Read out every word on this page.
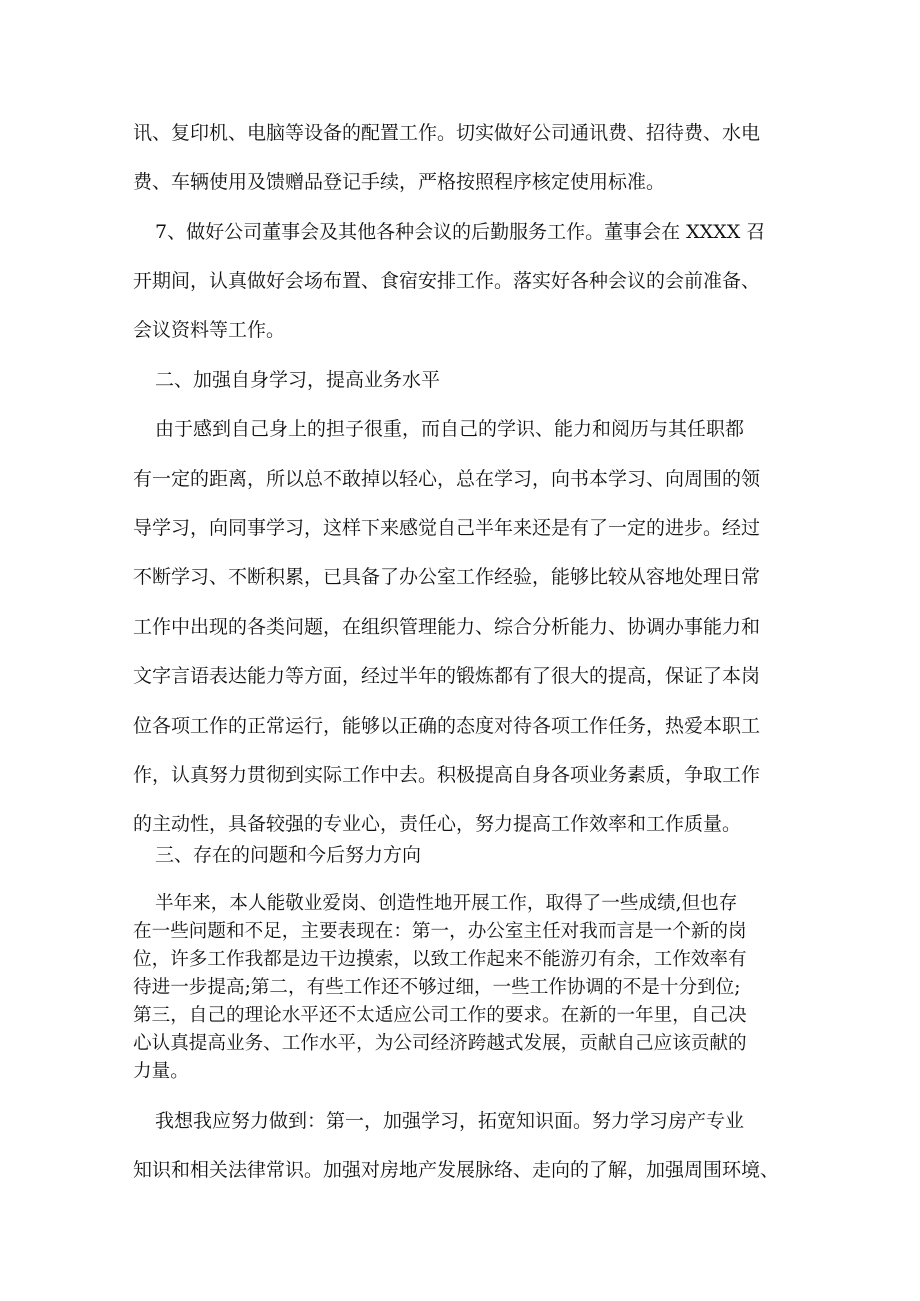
讯、复印机、电脑等设备的配置工作。切实做好公司通讯费、招待费、水电

费、车辆使用及馈赠品登记手续，严格按照程序核定使用标准。

7、做好公司董事会及其他各种会议的后勤服务工作。董事会在 XXXX 召

开期间，认真做好会场布置、食宿安排工作。落实好各种会议的会前准备、

会议资料等工作。

二、加强自身学习，提高业务水平

由于感到自己身上的担子很重，而自己的学识、能力和阅历与其任职都

有一定的距离，所以总不敢掉以轻心，总在学习，向书本学习、向周围的领

导学习，向同事学习，这样下来感觉自己半年来还是有了一定的进步。经过

不断学习、不断积累，已具备了办公室工作经验，能够比较从容地处理日常

工作中出现的各类问题，在组织管理能力、综合分析能力、协调办事能力和

文字言语表达能力等方面，经过半年的锻炼都有了很大的提高，保证了本岗

位各项工作的正常运行，能够以正确的态度对待各项工作任务，热爱本职工

作，认真努力贯彻到实际工作中去。积极提高自身各项业务素质，争取工作

的主动性，具备较强的专业心，责任心，努力提高工作效率和工作质量。

三、存在的问题和今后努力方向

半年来，本人能敬业爱岗、创造性地开展工作，取得了一些成绩,但也存

在一些问题和不足，主要表现在：第一，办公室主任对我而言是一个新的岗

位，许多工作我都是边干边摸索，以致工作起来不能游刃有余，工作效率有

待进一步提高;第二，有些工作还不够过细，一些工作协调的不是十分到位;

第三，自己的理论水平还不太适应公司工作的要求。在新的一年里，自己决

心认真提高业务、工作水平，为公司经济跨越式发展，贡献自己应该贡献的

力量。

我想我应努力做到：第一，加强学习，拓宽知识面。努力学习房产专业

知识和相关法律常识。加强对房地产发展脉络、走向的了解，加强周围环境、
